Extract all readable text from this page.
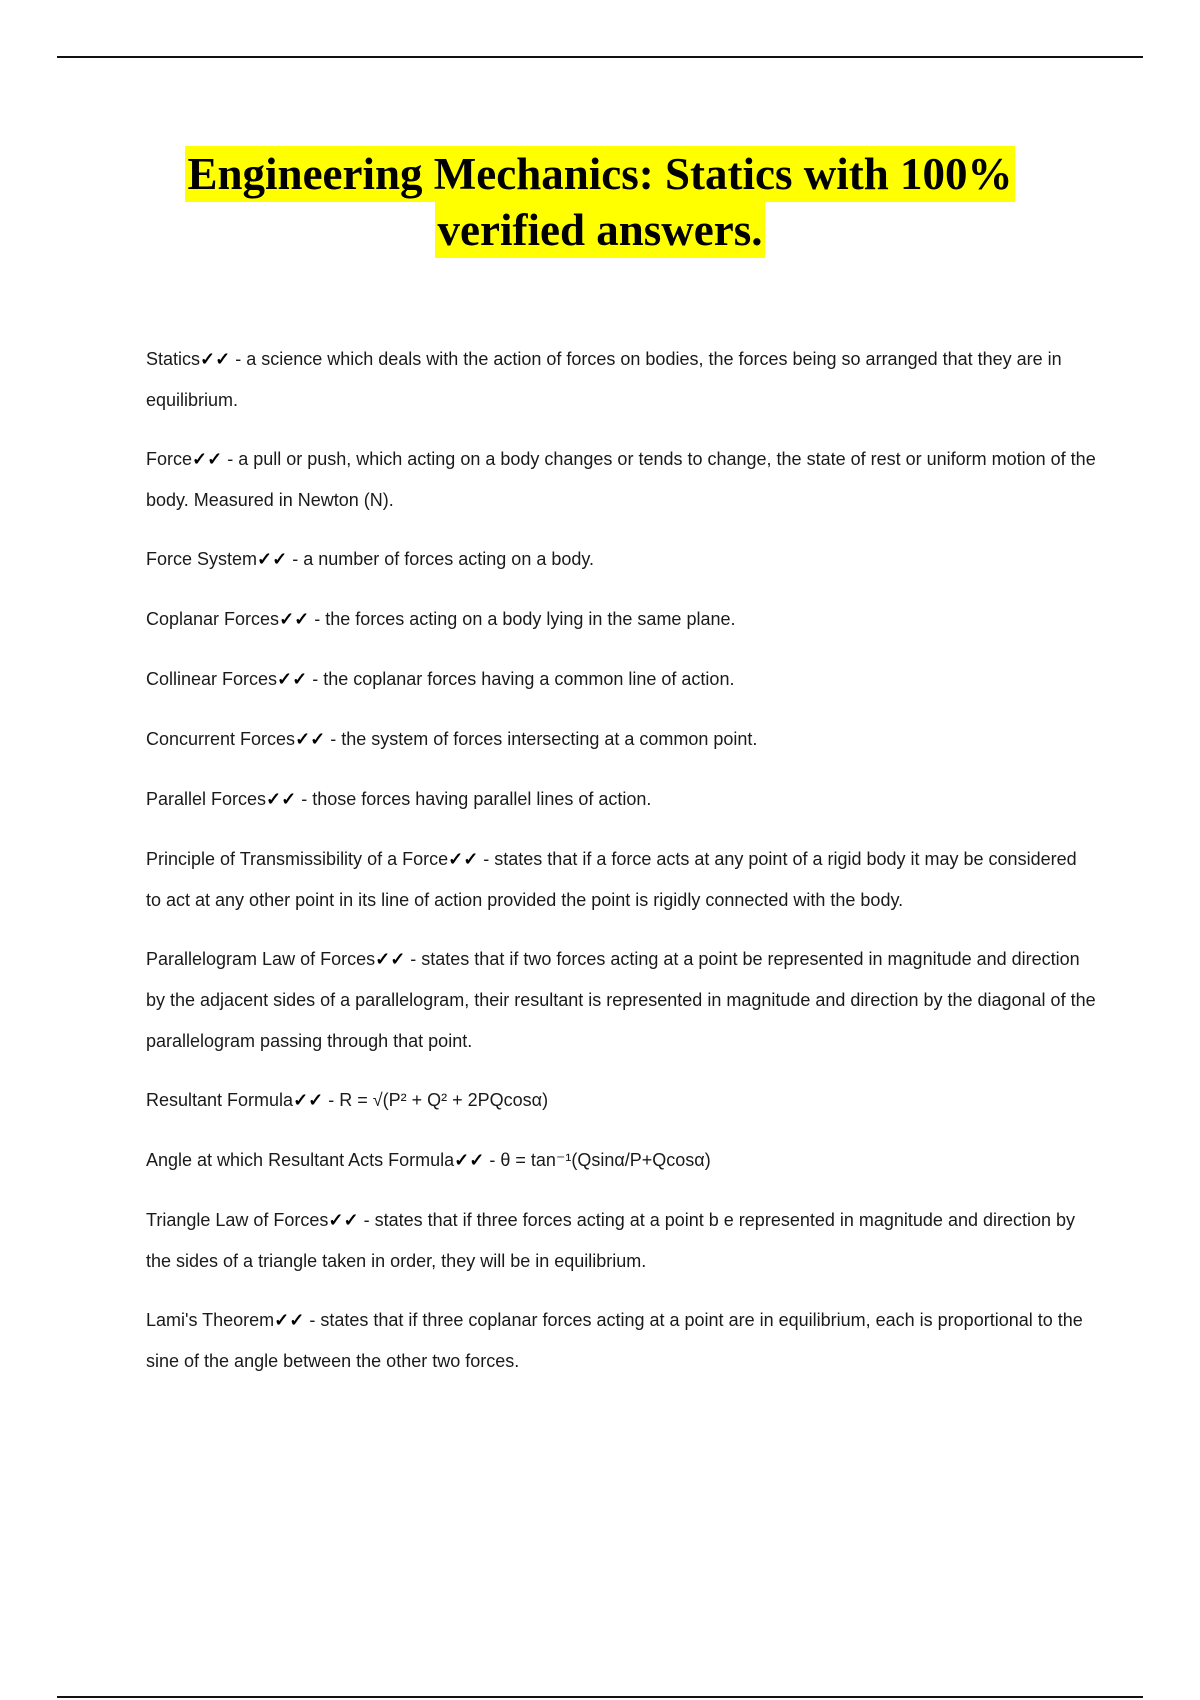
Engineering Mechanics: Statics with 100%
verified answers.

Statics✓✓ - a science which deals with the action of forces on bodies, the forces being so arranged that they are in equilibrium.

Force✓✓ - a pull or push, which acting on a body changes or tends to change, the state of rest or uniform motion of the body. Measured in Newton (N).

Force System✓✓ - a number of forces acting on a body.

Coplanar Forces✓✓ - the forces acting on a body lying in the same plane.

Collinear Forces✓✓ - the coplanar forces having a common line of action.

Concurrent Forces✓✓ - the system of forces intersecting at a common point.

Parallel Forces✓✓ - those forces having parallel lines of action.

Principle of Transmissibility of a Force✓✓ - states that if a force acts at any point of a rigid body it may be considered to act at any other point in its line of action provided the point is rigidly connected with the body.

Parallelogram Law of Forces✓✓ - states that if two forces acting at a point be represented in magnitude and direction by the adjacent sides of a parallelogram, their resultant is represented in magnitude and direction by the diagonal of the parallelogram passing through that point.

Resultant Formula✓✓ - R = √(P² + Q² + 2PQcosα)

Angle at which Resultant Acts Formula✓✓ - θ = tan⁻¹(Qsinα/P+Qcosα)

Triangle Law of Forces✓✓ - states that if three forces acting at a point b e represented in magnitude and direction by the sides of a triangle taken in order, they will be in equilibrium.

Lami's Theorem✓✓ - states that if three coplanar forces acting at a point are in equilibrium, each is proportional to the sine of the angle between the other two forces.
